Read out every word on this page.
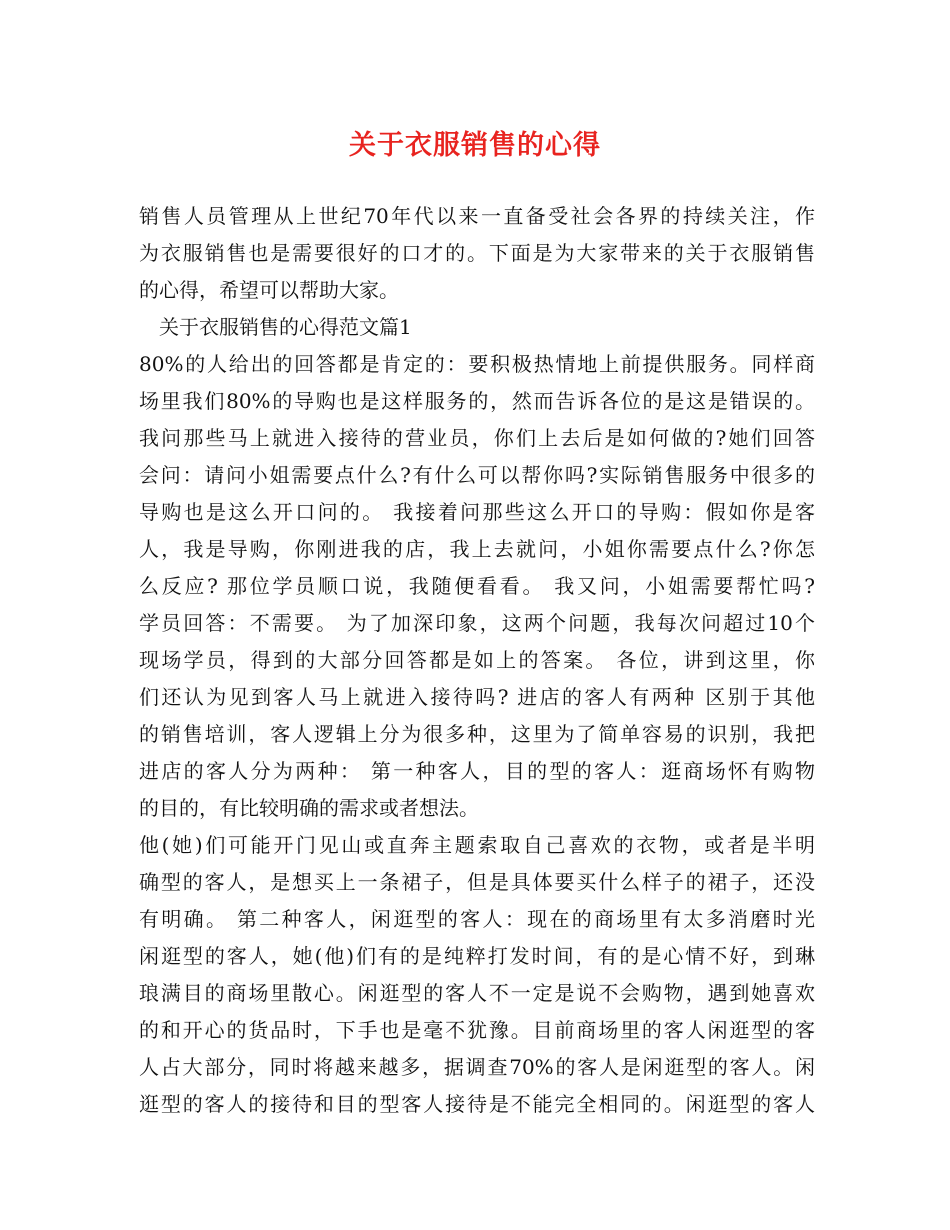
关于衣服销售的心得
销售人员管理从上世纪70年代以来一直备受社会各界的持续关注，作
为衣服销售也是需要很好的口才的。下面是为大家带来的关于衣服销售
的心得，希望可以帮助大家。
　关于衣服销售的心得范文篇1
80%的人给出的回答都是肯定的：要积极热情地上前提供服务。同样商
场里我们80%的导购也是这样服务的，然而告诉各位的是这是错误的。
我问那些马上就进入接待的营业员，你们上去后是如何做的?她们回答
会问：请问小姐需要点什么?有什么可以帮你吗?实际销售服务中很多的
导购也是这么开口问的。 我接着问那些这么开口的导购：假如你是客
人，我是导购，你刚进我的店，我上去就问，小姐你需要点什么?你怎
么反应? 那位学员顺口说，我随便看看。 我又问，小姐需要帮忙吗?
学员回答：不需要。 为了加深印象，这两个问题，我每次问超过10个
现场学员，得到的大部分回答都是如上的答案。 各位，讲到这里，你
们还认为见到客人马上就进入接待吗? 进店的客人有两种 区别于其他
的销售培训，客人逻辑上分为很多种，这里为了简单容易的识别，我把
进店的客人分为两种： 第一种客人，目的型的客人：逛商场怀有购物
的目的，有比较明确的需求或者想法。
他(她)们可能开门见山或直奔主题索取自己喜欢的衣物，或者是半明
确型的客人，是想买上一条裙子，但是具体要买什么样子的裙子，还没
有明确。 第二种客人，闲逛型的客人：现在的商场里有太多消磨时光
闲逛型的客人，她(他)们有的是纯粹打发时间，有的是心情不好，到琳
琅满目的商场里散心。闲逛型的客人不一定是说不会购物，遇到她喜欢
的和开心的货品时，下手也是毫不犹豫。目前商场里的客人闲逛型的客
人占大部分，同时将越来越多，据调查70%的客人是闲逛型的客人。闲
逛型的客人的接待和目的型客人接待是不能完全相同的。闲逛型的客人
